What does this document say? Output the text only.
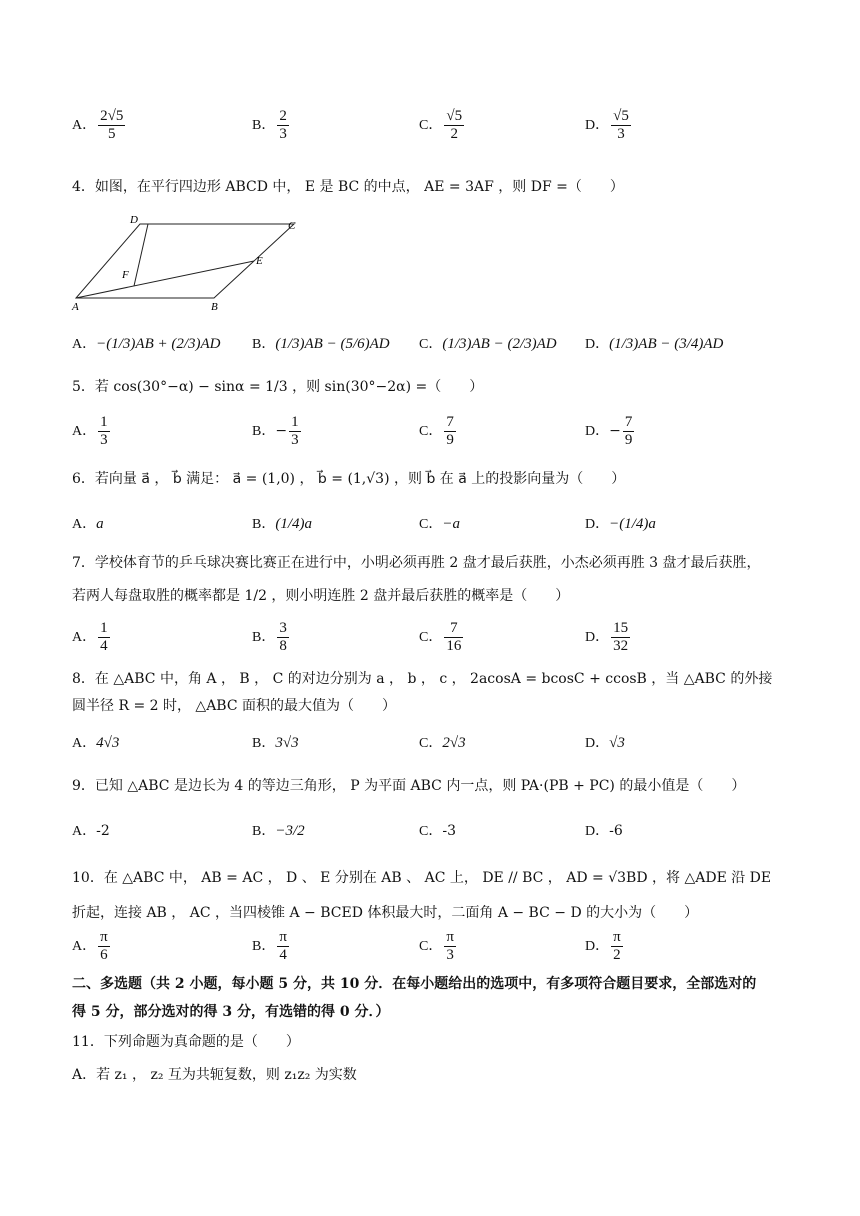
A． $\frac{2√5}{5}$	B． $\frac{2}{3}$	C． $\frac{√5}{2}$	D． $\frac{√5}{3}$
4．如图，在平行四边形 ABCD 中， E 是 BC 的中点， AE = 3AF ，则 DF =（　　）
D	C
F
E
A	B
A．−(1/3)AB + (2/3)AD B．(1/3)AB − (5/6)AD C．(1/3)AB − (2/3)AD D．(1/3)AB − (3/4)AD
5．若 cos(30°−α) − sinα = 1/3 ，则 sin(30°−2α) =（　　）
A． $\frac{1}{3}$	B．− $\frac{1}{3}$	C． $\frac{7}{9}$	D．− $\frac{7}{9}$
6．若向量 a⃗ ， b⃗ 满足： a⃗ = (1,0) ， b⃗ = (1,√3) ，则 b⃗ 在 a⃗ 上的投影向量为（　　）
A．a⃗	B．(1/4)a⃗	C．−a⃗	D．−(1/4)a⃗
7．学校体育节的乒乓球决赛比赛正在进行中，小明必须再胜 2 盘才最后获胜，小杰必须再胜 3 盘才最后获胜，
若两人每盘取胜的概率都是 1/2 ，则小明连胜 2 盘并最后获胜的概率是（　　）
A． $\frac{1}{4}$	B． $\frac{3}{8}$	C． $\frac{7}{16}$	D． $\frac{15}{32}$
8．在 △ABC 中，角 A ， B ， C 的对边分别为 a ， b ， c ， 2acosA = bcosC + ccosB ，当 △ABC 的外接
圆半径 R = 2 时， △ABC 面积的最大值为（　　）
A．4√3	B．3√3	C．2√3	D．√3
9．已知 △ABC 是边长为 4 的等边三角形， P 为平面 ABC 内一点，则 PA·(PB + PC) 的最小值是（　　）
A．-2	B．−3/2	C．-3	D．-6
10．在 △ABC 中， AB = AC ， D 、 E 分别在 AB 、 AC 上， DE // BC ， AD = √3BD ，将 △ADE 沿 DE
折起，连接 AB ， AC ，当四棱锥 A − BCED 体积最大时，二面角 A − BC − D 的大小为（　　）
A． $\frac{\pi}{6}$	B． $\frac{\pi}{4}$	C． $\frac{\pi}{3}$	D． $\frac{\pi}{2}$
二、多选题（共 2 小题，每小题 5 分，共 10 分．在每小题给出的选项中，有多项符合题目要求，全部选对的
得 5 分，部分选对的得 3 分，有选错的得 0 分．）
11．下列命题为真命题的是（　　）
A．若 z₁ ， z₂ 互为共轭复数，则 z₁z₂ 为实数
